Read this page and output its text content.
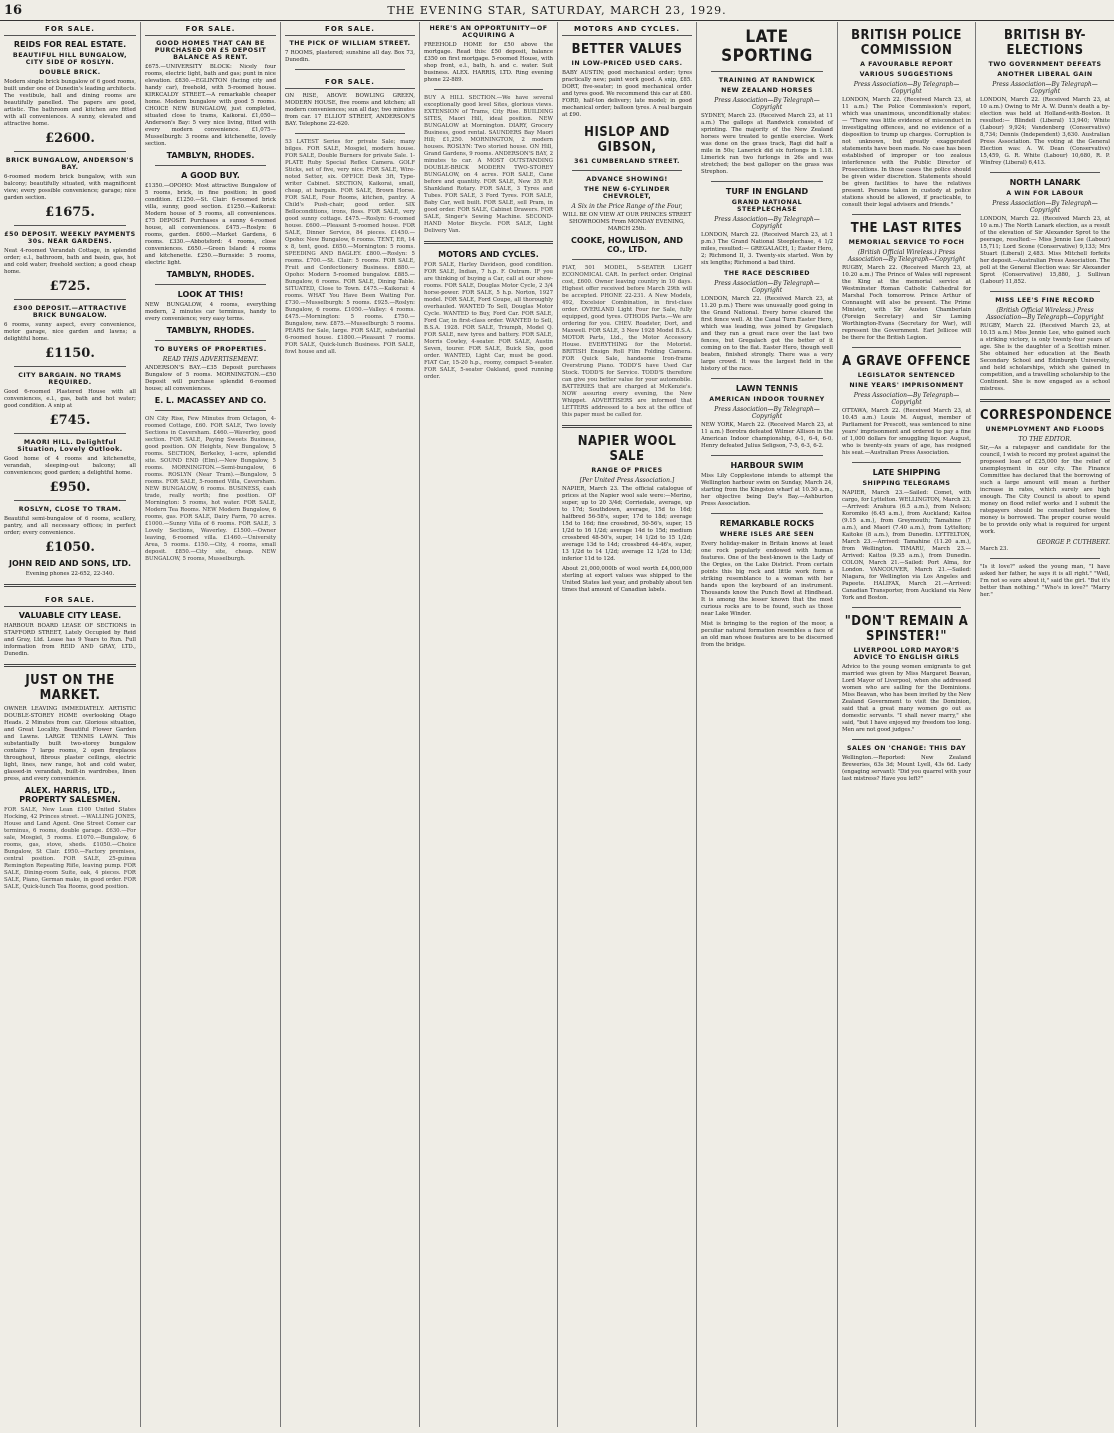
16	THE EVENING STAR, SATURDAY, MARCH 23, 1929.
FOR SALE.
REIDS FOR REAL ESTATE.
BEAUTIFUL HILL BUNGALOW, CITY SIDE OF ROSLYN.
DOUBLE BRICK.
Modern single brick bungalow of 6 good rooms, built under one of Dunedin's leading architects. The vestibule, hall and dining rooms are beautifully panelled. The papers are good, artistic. The bathroom and kitchen are fitted with all conveniences. A sunny, elevated and attractive home.
£2600.
BRICK BUNGALOW, ANDERSON'S BAY.
6-roomed modern brick bungalow, with sun balcony; beautifully situated, with magnificent view; every possible convenience; garage; nice garden section.
£1675.
£50 DEPOSIT. WEEKLY PAYMENTS 30s. NEAR GARDENS.
Neat 4-roomed Verandah Cottage, in splendid order; e.l., bathroom, bath and basin, gas, hot and cold water; freehold section; a good cheap home.
£725.
£300 DEPOSIT.—ATTRACTIVE BRICK BUNGALOW.
6 rooms, sunny aspect, every convenience, motor garage, nice garden and lawns; a delightful home.
£1150.
CITY BARGAIN. NO TRAMS REQUIRED.
Good 6-roomed Plastered House with all conveniences, e.l., gas, bath and hot water; good condition. A snip at
£745.
MAORI HILL. Delightful Situation, Lovely Outlook.
Good home of 4 rooms and kitchenette, verandah, sleeping-out balcony; all conveniences; good garden; a delightful home.
£950.
ROSLYN, CLOSE TO TRAM.
Beautiful semi-bungalow of 6 rooms, scullery, pantry, and all necessary offices; in perfect order; every convenience.
£1050.
JOHN REID AND SONS, LTD.
Evening phones 22-652, 22-340.
FOR SALE.
VALUABLE CITY LEASE.
HARBOUR BOARD LEASE OF SECTIONS in STAFFORD STREET, Lately Occupied by Reid and Gray, Ltd. Lease has 9 Years to Run. Full information from REID AND GRAY, LTD., Dunedin.
JUST ON THE MARKET.
OWNER LEAVING IMMEDIATELY. ARTISTIC DOUBLE-STOREY HOME overlooking Otago Heads. 2 Minutes from car. Glorious situation, and Great Locality. Beautiful Flower Garden and Lawns. LARGE TENNIS LAWN. This substantially built two-storey bungalow contains 7 large rooms, 2 open fireplaces throughout, fibrous plaster ceilings, electric light, lines, new range, hot and cold water, glassed-in verandah, built-in wardrobes, linen press, and every convenience.
ALEX. HARRIS, LTD., PROPERTY SALESMEN.
FOR SALE, New Lean £100 United States Hocking, 42 Princes street. —WALLING JONES, House and Land Agent. One Street Comer car terminus, 6 rooms, double garage. £630.—For sale, Mosgiel, 5 rooms. £1070.—Bungalow, 6 rooms, gas, stove, sheds. £1050.—Choice Bungalow, St Clair. £950.—Factory premises, central position. FOR SALE, 25-guinea Remington Repeating Rifle, leaving pump. FOR SALE, Dining-room Suite, oak, 4 pieces. FOR SALE, Piano, German make, in good order. FOR SALE, Quick-lunch Tea Rooms, good position.
FOR SALE.
GOOD HOMES THAT CAN BE PURCHASED ON £5 DEPOSIT BALANCE AS RENT.
£675.—UNIVERSITY BLOCK: Nicely four rooms, electric light, bath and gas; punt in nice elevation. £830.—EGLINTON (facing city and handy car), freehold, with 5-roomed house. KIRKCALDY STREET.—A remarkable cheaper home. Modern bungalow with good 5 rooms. CHOICE NEW BUNGALOW, just completed, situated close to trams, Kaikorai. £1,050—Anderson's Bay: 5 very nice living, fitted with every modern convenience. £1,075—Musselburgh: 3 rooms and kitchenette, lovely section.
TAMBLYN, RHODES.
A GOOD BUY.
£1350.—OPOHO: Most attractive Bungalow of 5 rooms, brick, in fine position; in good condition. £1250.—St. Clair: 6-roomed brick villa, sunny, good section. £1250.—Kaikorai: Modern house of 5 rooms, all conveniences. £75 DEPOSIT. Purchases a sunny 4-roomed house, all conveniences. £475.—Roslyn: 6 rooms, garden. £600.—Market Gardens, 6 rooms. £330.—Abbotsford: 4 rooms, close conveniences. £650.—Green Island: 4 rooms and kitchenette. £250.—Burnside: 5 rooms, electric light.
TAMBLYN, RHODES.
LOOK AT THIS!
NEW BUNGALOW, 4 rooms, everything modern, 2 minutes car terminus, handy to every convenience; very easy terms.
TAMBLYN, RHODES.
TO BUYERS OF PROPERTIES.
READ THIS ADVERTISEMENT.
ANDERSON'S BAY.—£35 Deposit purchases Bungalow of 5 rooms. MORNINGTON.—£50 Deposit will purchase splendid 6-roomed house; all conveniences.
E. L. MACASSEY AND CO.
ON City Rise, Few Minutes from Octagon, 4-roomed Cottage, £60. FOR SALE, Two lovely Sections in Caversham. £460.—Waverley, good section. FOR SALE, Paying Sweets Business, good position. ON Heights, New Bungalow, 5 rooms. SECTION, Berkeley, 1-acre, splendid site. SOUND END (Elm).—New Bungalow, 5 rooms. MORNINGTON.—Semi-bungalow, 6 rooms. ROSLYN (Near Tram).—Bungalow, 5 rooms. FOR SALE, 5-roomed Villa, Caversham. NEW BUNGALOW, 6 rooms. BUSINESS, cash trade, really worth; fine position. OF Mornington: 5 rooms, hot water. FOR SALE, Modern Tea Rooms. NEW Modern Bungalow, 6 rooms, gas. FOR SALE, Dairy Farm, 70 acres. £1000.—Sunny Villa of 6 rooms. FOR SALE, 3 Lovely Sections, Waverley. £1500.—Owner leaving, 6-roomed villa. £1460.—University Area, 5 rooms. £150.—City, 4 rooms, small deposit. £850.—City site, cheap. NEW BUNGALOW, 5 rooms, Musselburgh.
FOR SALE.
THE PICK OF WILLIAM STREET.
7 ROOMS, plastered; sunshine all day. Box 73, Dunedin.
FOR SALE.
ON RISE, ABOVE BOWLING GREEN, MODERN HOUSE, five rooms and kitchen; all modern conveniences; sun all day; two minutes from car. 17 ELLIOT STREET, ANDERSON'S BAY. Telephone 22-620.
53 LATEST Series for private Sale; many bilges. FOR SALE, Mosgiel, modern house. FOR SALE, Double Burners for private Sale. 1-PLATE Ruby Special Reflex Camera. GOLF Sticks, set of five, very nice. FOR SALE, Wire-noted Setter, six. OFFICE Desk 3ft, Type-writer Cabinet. SECTION, Kaikorai, small, cheap, at bargain. FOR SALE, Brown Horse. FOR SALE, Four Rooms, kitchen, pantry. A Child's Push-chair, good order. SIX Belloconditions, irons, floss. FOR SALE, very good sunny cottage. £475.—Roslyn: 6-roomed house. £600.—Pleasant 5-roomed house. FOR SALE, Dinner Service, 84 pieces. £1450.—Opoho: New Bungalow, 6 rooms. TENT, Eft, 14 x 8, tent, good. £650.—Mornington: 5 rooms. SPEEDING AND BAGLEY. £800.—Roslyn: 5 rooms. £700.—St. Clair: 5 rooms. FOR SALE, Fruit and Confectionery Business. £880.—Opoho: Modern 5-roomed bungalow. £885.—Bungalow, 6 rooms. FOR SALE, Dining Table. SITUATED, Close to Town. £475.—Kaikorai: 4 rooms. WHAT You Have Been Waiting For. £730.—Musselburgh: 5 rooms. £925.—Roslyn: Bungalow, 6 rooms. £1050.—Valley: 4 rooms. £475.—Mornington: 5 rooms. £750.—Bungalow, new. £875.—Musselburgh: 5 rooms. PEARS for Sale, large. FOR SALE, substantial 6-roomed house. £1800.—Pleasant 7 rooms. FOR SALE, Quick-lunch Business. FOR SALE, fowl house and all.
HERE'S AN OPPORTUNITY—OF ACQUIRING A
FREEHOLD HOME for £50 above the mortgage. Read this: £50 deposit, balance £350 on first mortgage. 5-roomed House, with shop front, e.l., bath, h. and c. water. Suit business. ALEX. HARRIS, LTD. Ring evening phone 22-889.
BUY A HILL SECTION.—We have several exceptionally good level Sites, glorious views. EXTENSION of Trams, City Rise. BUILDING SITES, Maori Hill, ideal position. NEW BUNGALOW at Mornington. DIARY, Grocery Business, good rental. SAUNDERS Bay Maori Hill; £1,250. MORNINGTON, 2 modern houses. ROSLYN: Two storied house. ON Hill, Grand Gardens, 9 rooms. ANDERSON'S BAY, 2 minutes to car. A MOST OUTSTANDING DOUBLE-BRICK MODERN TWO-STOREY BUNGALOW, on 4 acres. FOR SALE, Cane before and quantity. FOR SALE, New 35 R.P. Shankland Rotary. FOR SALE, 3 Tyres and Tubes. FOR SALE, 3 Ford Tyres. FOR SALE, Baby Car, well built. FOR SALE, sell Pram, in good order. FOR SALE, Cabinet Drawers. FOR SALE, Singer's Sewing Machine. SECOND-HAND Motor Bicycle. FOR SALE, Light Delivery Van.
MOTORS AND CYCLES.
FOR SALE, Harley Davidson, good condition. FOR SALE, Indian, 7 h.p. F. Outram. IF you are thinking of buying a Car, call at our show-rooms. FOR SALE, Douglas Motor Cycle, 2 3/4 horse-power. FOR SALE, 5 h.p. Norton, 1927 model. FOR SALE, Ford Coupe, all thoroughly overhauled. WANTED To Sell, Douglas Motor Cycle. WANTED to Buy, Ford Car. FOR SALE, Ford Car, in first-class order. WANTED to Sell, B.S.A. 1928. FOR SALE, Triumph, Model Q. FOR SALE, new tyres and battery. FOR SALE, Morris Cowley, 4-seater. FOR SALE, Austin Seven, tourer. FOR SALE, Buick Six, good order. WANTED, Light Car, must be good. FIAT Car, 15-20 h.p., roomy, compact 5-seater. FOR SALE, 5-seater Oakland, good running order.
MOTORS AND CYCLES.
BETTER VALUES
IN LOW-PRICED USED CARS.
BABY AUSTIN; good mechanical order; tyres practically new; paint work good. A snip, £85. DORT, five-seater; in good mechanical order and tyres good. We recommend this car at £80. FORD, half-ton delivery; late model; in good mechanical order; balloon tyres. A real bargain at £90.
HISLOP AND GIBSON,
361 CUMBERLAND STREET.
ADVANCE SHOWING!
THE NEW 6-CYLINDER CHEVROLET,
A Six in the Price Range of the Four,
WILL BE ON VIEW AT OUR PRINCES STREET SHOWROOMS From MONDAY EVENING, MARCH 25th.
COOKE, HOWLISON, AND CO., LTD.
FIAT, 501 MODEL, 5-SEATER LIGHT ECONOMICAL CAR. In perfect order. Original cost, £600. Owner leaving country in 10 days. Highest offer received before March 29th will be accepted. PHONE 22-231. A New Models, 492, Excelsior Combination, in first-class order. OVERLAND Light Four for Sale, fully equipped, good tyres. OTHODS Parts.—We are ordering for you. CHEV. Roadster, Dort, and Maxwell. FOR SALE, 3 New 1928 Model B.S.A. MOTOR Parts, Ltd., the Motor Accessory House. EVERYTHING for the Motorist. BRITISH Ensign Roll Film Folding Camera. FOR Quick Sale, handsome Iron-frame Overstrung Piano. TODD'S have Used Car Stock. TODD'S for Service. TODD'S therefore can give you better value for your automobile. BATTERIES that are charged at McKenzie's. NOW assuring every evening, the New Whippet. ADVERTISERS are informed that LETTERS addressed to a box at the office of this paper must be called for.
NAPIER WOOL SALE
RANGE OF PRICES
[Per United Press Association.]
NAPIER, March 23. The official catalogue of prices at the Napier wool sale were:—Merino, super, up to 20 3/4d; Corriedale, average, up to 17d; Southdown, average, 15d to 16d; halfbred 56-58's, super, 17d to 18d; average 15d to 16d; fine crossbred, 50-56's, super, 15 1/2d to 16 1/2d; average 14d to 15d; medium crossbred 48-50's, super, 14 1/2d to 15 1/2d; average 13d to 14d; crossbred 44-46's, super, 13 1/2d to 14 1/2d; average 12 1/2d to 13d; inferior 11d to 12d.
About 21,000,000lb of wool worth £4,000,000 sterling at export values was shipped to the United States last year, and probably about ten times that amount of Canadian labels.
LATE SPORTING
TRAINING AT RANDWICK
NEW ZEALAND HORSES
Press Association—By Telegraph—Copyright
SYDNEY, March 23. (Received March 23, at 11 a.m.) The gallops at Randwick consisted of sprinting. The majority of the New Zealand horses were treated to gentle exercise. Work was done on the grass track, Ragi did half a mile in 50s; Lanerick did six furlongs in 1.18. Limerick ran two furlongs in 26s and was stretched; the best galloper on the grass was Strephon.
TURF IN ENGLAND
GRAND NATIONAL STEEPLECHASE
Press Association—By Telegraph—Copyright
LONDON, March 22. (Received March 23, at 1 p.m.) The Grand National Steeplechase, 4 1/2 miles, resulted:— GREGALACH, 1; Easter Hero, 2; Richmond II, 3. Twenty-six started. Won by six lengths; Richmond a bad third.
THE RACE DESCRIBED
Press Association—By Telegraph—Copyright
LONDON, March 22. (Received March 23, at 11.20 p.m.) There was unusually good going in the Grand National. Every horse cleared the first fence well. At the Canal Turn Easter Hero, which was leading, was joined by Gregalach and they ran a great race over the last two fences, but Gregalach got the better of it coming on to the flat. Easter Hero, though well beaten, finished strongly. There was a very large crowd. It was the largest field in the history of the race.
LAWN TENNIS
AMERICAN INDOOR TOURNEY
Press Association—By Telegraph—Copyright
NEW YORK, March 22. (Received March 23, at 11 a.m.) Borotra defeated Wilmer Allison in the American Indoor championship, 6-1, 6-4, 6-0. Henry defeated Julius Seligson, 7-5, 6-3, 6-2.
HARBOUR SWIM
Miss Lily Copplestone intends to attempt the Wellington harbour swim on Sunday, March 24, starting from the Kingston wharf at 10.30 a.m., her objective being Day's Bay.—Ashburton Press Association.
REMARKABLE ROCKS
WHERE ISLES ARE SEEN
Every holiday-maker in Britain knows at least one rock popularly endowed with human features. One of the best-known is the Lady of the Orgies, on the Lake District. From certain points this big rock and little work form a striking resemblance to a woman with her hands upon the keyboard of an instrument. Thousands know the Punch Bowl at Hindhead. It is among the lesser known that the most curious rocks are to be found, such as those near Lake Winder.
Mist is bringing to the region of the moor, a peculiar natural formation resembles a face of an old man whose features are to be discerned from the bridge.
BRITISH POLICE COMMISSION
A FAVOURABLE REPORT
VARIOUS SUGGESTIONS
Press Association—By Telegraph—Copyright
LONDON, March 22. (Received March 23, at 11 a.m.) The Police Commission's report, which was unanimous, unconditionally states:— "There was little evidence of misconduct in investigating offences, and no evidence of a disposition to trump up charges. Corruption is not unknown, but greatly exaggerated statements have been made. No case has been established of improper or too zealous interference with the Public Director of Prosecutions. In those cases the police should be given wider discretion. Statements should be given facilities to have the relatives present. Persons taken in custody at police stations should be allowed, if practicable, to consult their legal advisers and friends."
THE LAST RITES
MEMORIAL SERVICE TO FOCH
(British Official Wireless.) Press Association—By Telegraph—Copyright
RUGBY, March 22. (Received March 23, at 10.20 a.m.) The Prince of Wales will represent the King at the memorial service at Westminster Roman Catholic Cathedral for Marshal Foch tomorrow. Prince Arthur of Connaught will also be present. The Prime Minister, with Sir Austen Chamberlain (Foreign Secretary) and Sir Laming Worthington-Evans (Secretary for War), will represent the Government. Earl Jellicoe will be there for the British Legion.
A GRAVE OFFENCE
LEGISLATOR SENTENCED
NINE YEARS' IMPRISONMENT
Press Association—By Telegraph—Copyright
OTTAWA, March 22. (Received March 23, at 10.45 a.m.) Louis M. August, member of Parliament for Prescott, was sentenced to nine years' imprisonment and ordered to pay a fine of 1,000 dollars for smuggling liquor. August, who is twenty-six years of age, has resigned his seat.—Australian Press Association.
LATE SHIPPING
SHIPPING TELEGRAMS
NAPIER, March 23.—Sailed: Comet, with cargo, for Lyttelton. WELLINGTON, March 23.—Arrived: Arahura (6.5 a.m.), from Nelson; Koromiko (6.45 a.m.), from Auckland; Kaitoa (9.15 a.m.), from Greymouth; Tamahine (7 a.m.), and Maori (7.40 a.m.), from Lyttelton; Kaitoke (8 a.m.), from Dunedin. LYTTELTON, March 23.—Arrived: Tamahine (11.20 a.m.), from Wellington. TIMARU, March 23.—Arrived: Kaitoa (9.35 a.m.), from Dunedin. COLON, March 21.—Sailed: Port Alma, for London. VANCOUVER, March 21.—Sailed: Niagara, for Wellington via Los Angeles and Papeete. HALIFAX, March 21.—Arrived: Canadian Transporter, from Auckland via New York and Boston.
"DON'T REMAIN A SPINSTER!"
LIVERPOOL LORD MAYOR'S ADVICE TO ENGLISH GIRLS
Advice to the young women emigrants to get married was given by Miss Margaret Beavan, Lord Mayor of Liverpool, when she addressed women who are sailing for the Dominions. Miss Beavan, who has been invited by the New Zealand Government to visit the Dominion, said that a great many women go out as domestic servants. "I shall never marry," she said, "but I have enjoyed my freedom too long. Men are not good judges."
SALES ON 'CHANGE: THIS DAY
Wellington.—Reported: New Zealand Breweries, 63s 3d; Mount Lyell, 43s 6d. Lady (engaging servant): "Did you quarrel with your last mistress? Have you left?"
BRITISH BY-ELECTIONS
TWO GOVERNMENT DEFEATS
ANOTHER LIBERAL GAIN
Press Association—By Telegraph—Copyright
LONDON, March 22. (Received March 23, at 10 a.m.) Owing to Mr A. W. Dunn's death a by-election was held at Holland-with-Boston. It resulted:— Blindell (Liberal) 13,940; White (Labour) 9,924; Vandenberg (Conservative) 8,734; Dennis (Independent) 3,630. Australian Press Association. The voting at the General Election was: A. W. Dean (Conservative) 15,459, G. R. White (Labour) 10,680, R. P. Winfrey (Liberal) 6,413.
NORTH LANARK
A WIN FOR LABOUR
Press Association—By Telegraph—Copyright
LONDON, March 22. (Received March 23, at 10 a.m.) The North Lanark election, as a result of the elevation of Sir Alexander Sprot to the peerage, resulted:— Miss Jennie Lee (Labour) 15,711; Lord Scone (Conservative) 9,133; Mrs Stuart (Liberal) 2,483. Miss Mitchell forfeits her deposit.—Australian Press Association. The poll at the General Election was: Sir Alexander Sprot (Conservative) 15,880, J. Sullivan (Labour) 11,852.
MISS LEE'S FINE RECORD
(British Official Wireless.) Press Association—By Telegraph—Copyright
RUGBY, March 22. (Received March 23, at 10.15 a.m.) Miss Jennie Lee, who gained such a striking victory, is only twenty-four years of age. She is the daughter of a Scottish miner. She obtained her education at the Beath Secondary School and Edinburgh University, and held scholarships, which she gained in competition, and a travelling scholarship to the Continent. She is now engaged as a school mistress.
CORRESPONDENCE
UNEMPLOYMENT AND FLOODS
TO THE EDITOR.
Sir,—As a ratepayer and candidate for the council, I wish to record my protest against the proposed loan of £25,000 for the relief of unemployment in our city. The Finance Committee has declared that the borrowing of such a large amount will mean a further increase in rates, which surely are high enough. The City Council is about to spend money on flood relief works and I submit the ratepayers should be consulted before the money is borrowed. The proper course would be to provide only what is required for urgent work.
GEORGE P. CUTHBERT.
March 23.
"Is it love?" asked the young man, "I have asked her father, he says it is all right." "Well, I'm not so sure about it," said the girl. "But it's better than nothing." "Who's in love?" "Marry her."
